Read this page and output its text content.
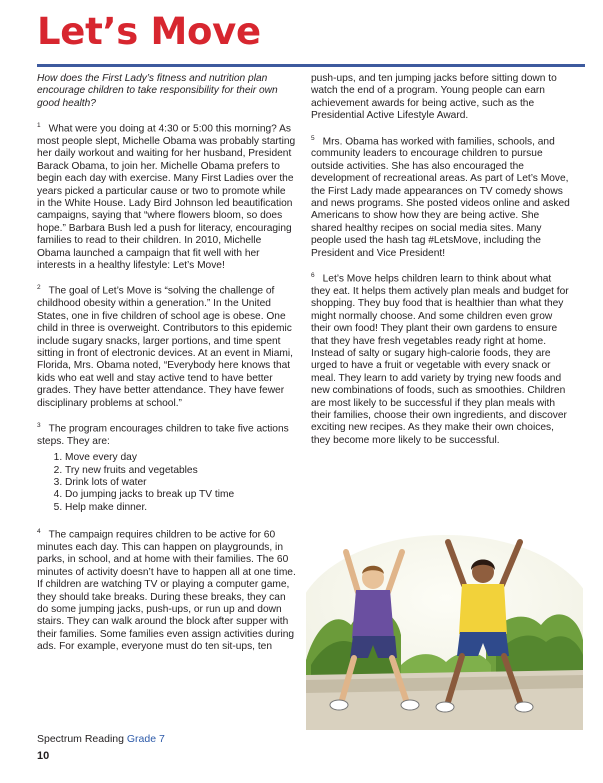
Let’s Move

How does the First Lady’s fitness and nutrition plan encourage children to take responsibility for their own good health?

$^1$ What were you doing at 4:30 or 5:00 this morning? As most people slept, Michelle Obama was probably starting her daily workout and waiting for her husband, President Barack Obama, to join her. Michelle Obama prefers to begin each day with exercise. Many First Ladies over the years picked a particular cause or two to promote while in the White House. Lady Bird Johnson led beautification campaigns, saying that “where flowers bloom, so does hope.” Barbara Bush led a push for literacy, encouraging families to read to their children. In 2010, Michelle Obama launched a campaign that fit well with her interests in a healthy lifestyle: Let’s Move!

$^2$ The goal of Let’s Move is “solving the challenge of childhood obesity within a generation.” In the United States, one in five children of school age is obese. One child in three is overweight. Contributors to this epidemic include sugary snacks, larger portions, and time spent sitting in front of electronic devices. At an event in Miami, Florida, Mrs. Obama noted, “Everybody here knows that kids who eat well and stay active tend to have better grades. They have better attendance. They have fewer disciplinary problems at school.”

$^3$ The program encourages children to take five actions steps. They are:

1. Move every day
2. Try new fruits and vegetables
3. Drink lots of water
4. Do jumping jacks to break up TV time
5. Help make dinner.

$^4$ The campaign requires children to be active for 60 minutes each day. This can happen on playgrounds, in parks, in school, and at home with their families. The 60 minutes of activity doesn’t have to happen all at one time. If children are watching TV or playing a computer game, they should take breaks. During these breaks, they can do some jumping jacks, push-ups, or run up and down stairs. They can walk around the block after supper with their families. Some families even assign activities during ads. For example, everyone must do ten sit-ups, ten

push-ups, and ten jumping jacks before sitting down to watch the end of a program. Young people can earn achievement awards for being active, such as the Presidential Active Lifestyle Award.

$^5$ Mrs. Obama has worked with families, schools, and community leaders to encourage children to pursue outside activities. She has also encouraged the development of recreational areas. As part of Let’s Move, the First Lady made appearances on TV comedy shows and news programs. She posted videos online and asked Americans to show how they are being active. She shared healthy recipes on social media sites. Many people used the hash tag #LetsMove, including the President and Vice President!

$^6$ Let’s Move helps children learn to think about what they eat. It helps them actively plan meals and budget for shopping. They buy food that is healthier than what they might normally choose. And some children even grow their own food! They plant their own gardens to ensure that they have fresh vegetables ready right at home. Instead of salty or sugary high-calorie foods, they are urged to have a fruit or vegetable with every snack or meal. They learn to add variety by trying new foods and new combinations of foods, such as smoothies. Children are most likely to be successful if they plan meals with their families, choose their own ingredients, and discover exciting new recipes. As they make their own choices, they become more likely to be successful.

Spectrum Reading Grade 7
10
